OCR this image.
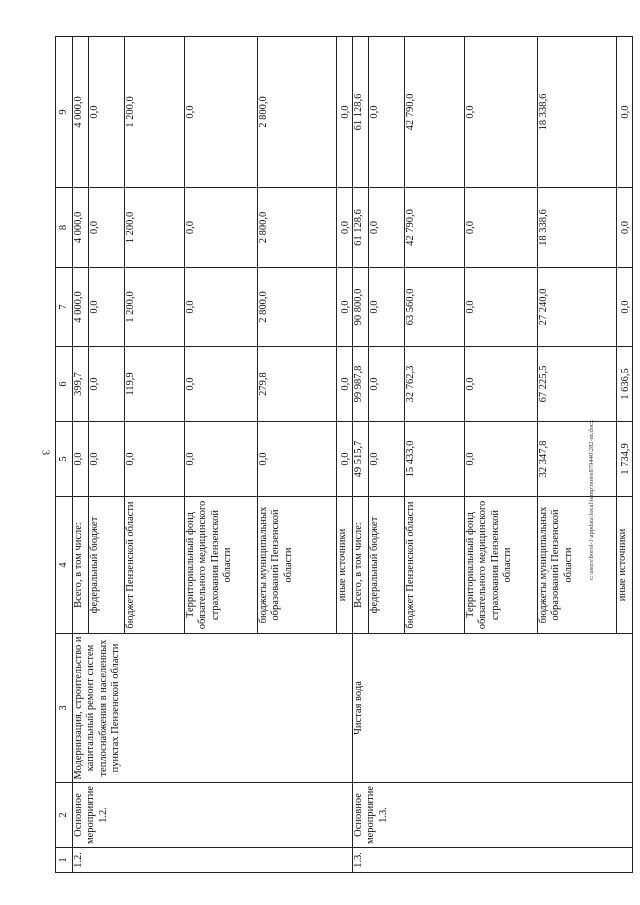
3
1	2	3	4	5	6	7	8	9
1.2.	Основное мероприятие 1.2.	Модернизация, строительство и капитальный ремонт систем теплоснабжения в населенных пунктах Пензенской области	Всего, в том числе:	0,0	399,7	4 000,0	4 000,0	4 000,0
			федеральный бюджет	0,0	0,0	0,0	0,0	0,0
			бюджет Пензенской области	0,0	119,9	1 200,0	1 200,0	1 200,0
			Территориальный фонд обязательного медицинского страхования Пензенской области	0,0	0,0	0,0	0,0	0,0
			бюджеты муниципальных образований Пензенской области	0,0	279,8	2 800,0	2 800,0	2 800,0
			иные источники	0,0	0,0	0,0	0,0	0,0
1.3.	Основное мероприятие 1.3.	Чистая вода	Всего, в том числе:	49 515,7	99 987,8	90 800,0	61 128,6	61 128,6
			федеральный бюджет	0,0	0,0	0,0	0,0	0,0
			бюджет Пензенской области	15 433,0	32 762,3	63 560,0	42 790,0	42 790,0
			Территориальный фонд обязательного медицинского страхования Пензенской области	0,0	0,0	0,0	0,0	0,0
			бюджеты муниципальных образований Пензенской области	32 347,8	67 225,5	27 240,0	18 338,6	18 338,6
			иные источники	1 734,9	1 636,5	0,0	0,0	0,0
c:\users\borol-1\appdata\local\temp\notes879440\282-m.docx
